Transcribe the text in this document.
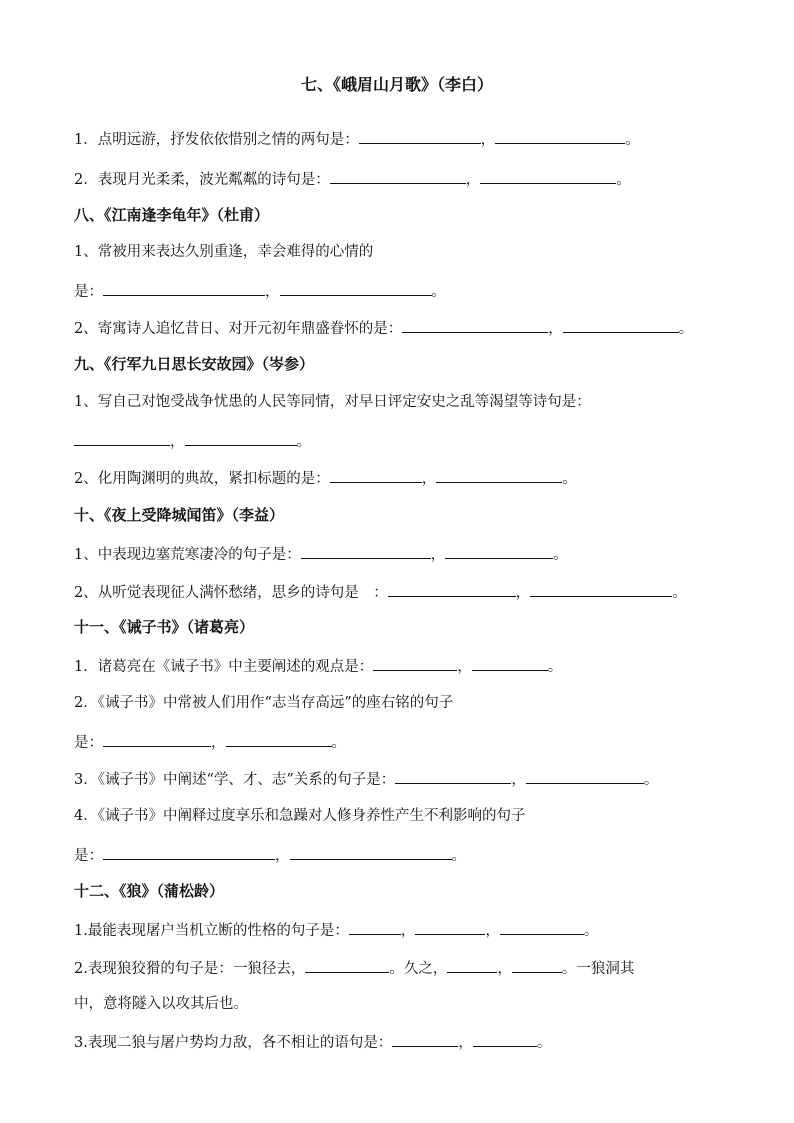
七、《峨眉山月歌》（李白）
1．点明远游，抒发依依惜别之情的两句是：	，	。
2．表现月光柔柔，波光粼粼的诗句是：	，	。
八、《江南逢李龟年》（杜甫）
1、常被用来表达久别重逢，幸会难得的心情的
是：	，	。
2、寄寓诗人追忆昔日、对开元初年鼎盛眷怀的是：	，	。
九、《行军九日思长安故园》（岑参）
1、写自己对饱受战争忧患的人民等同情，对早日评定安史之乱等渴望等诗句是：
，	。
2、化用陶渊明的典故，紧扣标题的是：	，	。
十、《夜上受降城闻笛》（李益）
1、中表现边塞荒寒凄冷的句子是：	，	。
2、从听觉表现征人满怀愁绪，思乡的诗句是　：	，	。
十一、《诫子书》（诸葛亮）
1．诸葛亮在《诫子书》中主要阐述的观点是：	，	。
2．《诫子书》中常被人们用作“志当存高远”的座右铭的句子
是：	，	。
3．《诫子书》中阐述“学、才、志”关系的句子是：	，	。
4．《诫子书》中阐释过度享乐和急躁对人修身养性产生不利影响的句子
是：	，	。
十二、《狼》（蒲松龄）
1.最能表现屠户当机立断的性格的句子是：	，	，	。
2.表现狼狡猾的句子是：一狼径去，	。久之，	，	。一狼洞其
中，意将隧入以攻其后也。
3.表现二狼与屠户势均力敌，各不相让的语句是：	，	。
